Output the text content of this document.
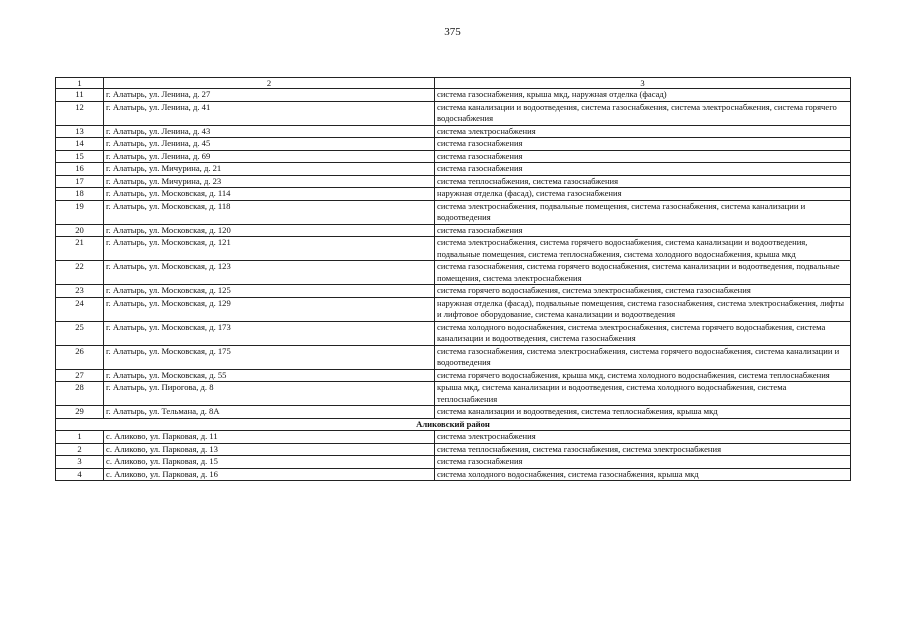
375
1	2	3
11	г. Алатырь, ул. Ленина, д. 27	система газоснабжения, крыша мкд, наружная отделка (фасад)
12	г. Алатырь, ул. Ленина, д. 41	система канализации и водоотведения, система газоснабжения, система электроснабжения, система горячего водоснабжения
13	г. Алатырь, ул. Ленина, д. 43	система электроснабжения
14	г. Алатырь, ул. Ленина, д. 45	система газоснабжения
15	г. Алатырь, ул. Ленина, д. 69	система газоснабжения
16	г. Алатырь, ул. Мичурина, д. 21	система газоснабжения
17	г. Алатырь, ул. Мичурина, д. 23	система теплоснабжения, система газоснабжения
18	г. Алатырь, ул. Московская, д. 114	наружная отделка (фасад), система газоснабжения
19	г. Алатырь, ул. Московская, д. 118	система электроснабжения, подвальные помещения, система газоснабжения, система канализации и водоотведения
20	г. Алатырь, ул. Московская, д. 120	система газоснабжения
21	г. Алатырь, ул. Московская, д. 121	система электроснабжения, система горячего водоснабжения, система канализации и водоотведения, подвальные помещения, система теплоснабжения, система холодного водоснабжения, крыша мкд
22	г. Алатырь, ул. Московская, д. 123	система газоснабжения, система горячего водоснабжения, система канализации и водоотведения, подвальные помещения, система электроснабжения
23	г. Алатырь, ул. Московская, д. 125	система горячего водоснабжения, система электроснабжения, система газоснабжения
24	г. Алатырь, ул. Московская, д. 129	наружная отделка (фасад), подвальные помещения, система газоснабжения, система электроснабжения, лифты и лифтовое оборудование, система канализации и водоотведения
25	г. Алатырь, ул. Московская, д. 173	система холодного водоснабжения, система электроснабжения, система горячего водоснабжения, система канализации и водоотведения, система газоснабжения
26	г. Алатырь, ул. Московская, д. 175	система газоснабжения, система электроснабжения, система горячего водоснабжения, система канализации и водоотведения
27	г. Алатырь, ул. Московская, д. 55	система горячего водоснабжения, крыша мкд, система холодного водоснабжения, система теплоснабжения
28	г. Алатырь, ул. Пирогова, д. 8	крыша мкд, система канализации и водоотведения, система холодного водоснабжения, система теплоснабжения
29	г. Алатырь, ул. Тельмана, д. 8А	система канализации и водоотведения, система теплоснабжения, крыша мкд
Аликовский район		
1	с. Аликово, ул. Парковая, д. 11	система электроснабжения
2	с. Аликово, ул. Парковая, д. 13	система теплоснабжения, система газоснабжения, система электроснабжения
3	с. Аликово, ул. Парковая, д. 15	система газоснабжения
4	с. Аликово, ул. Парковая, д. 16	система холодного водоснабжения, система газоснабжения, крыша мкд
